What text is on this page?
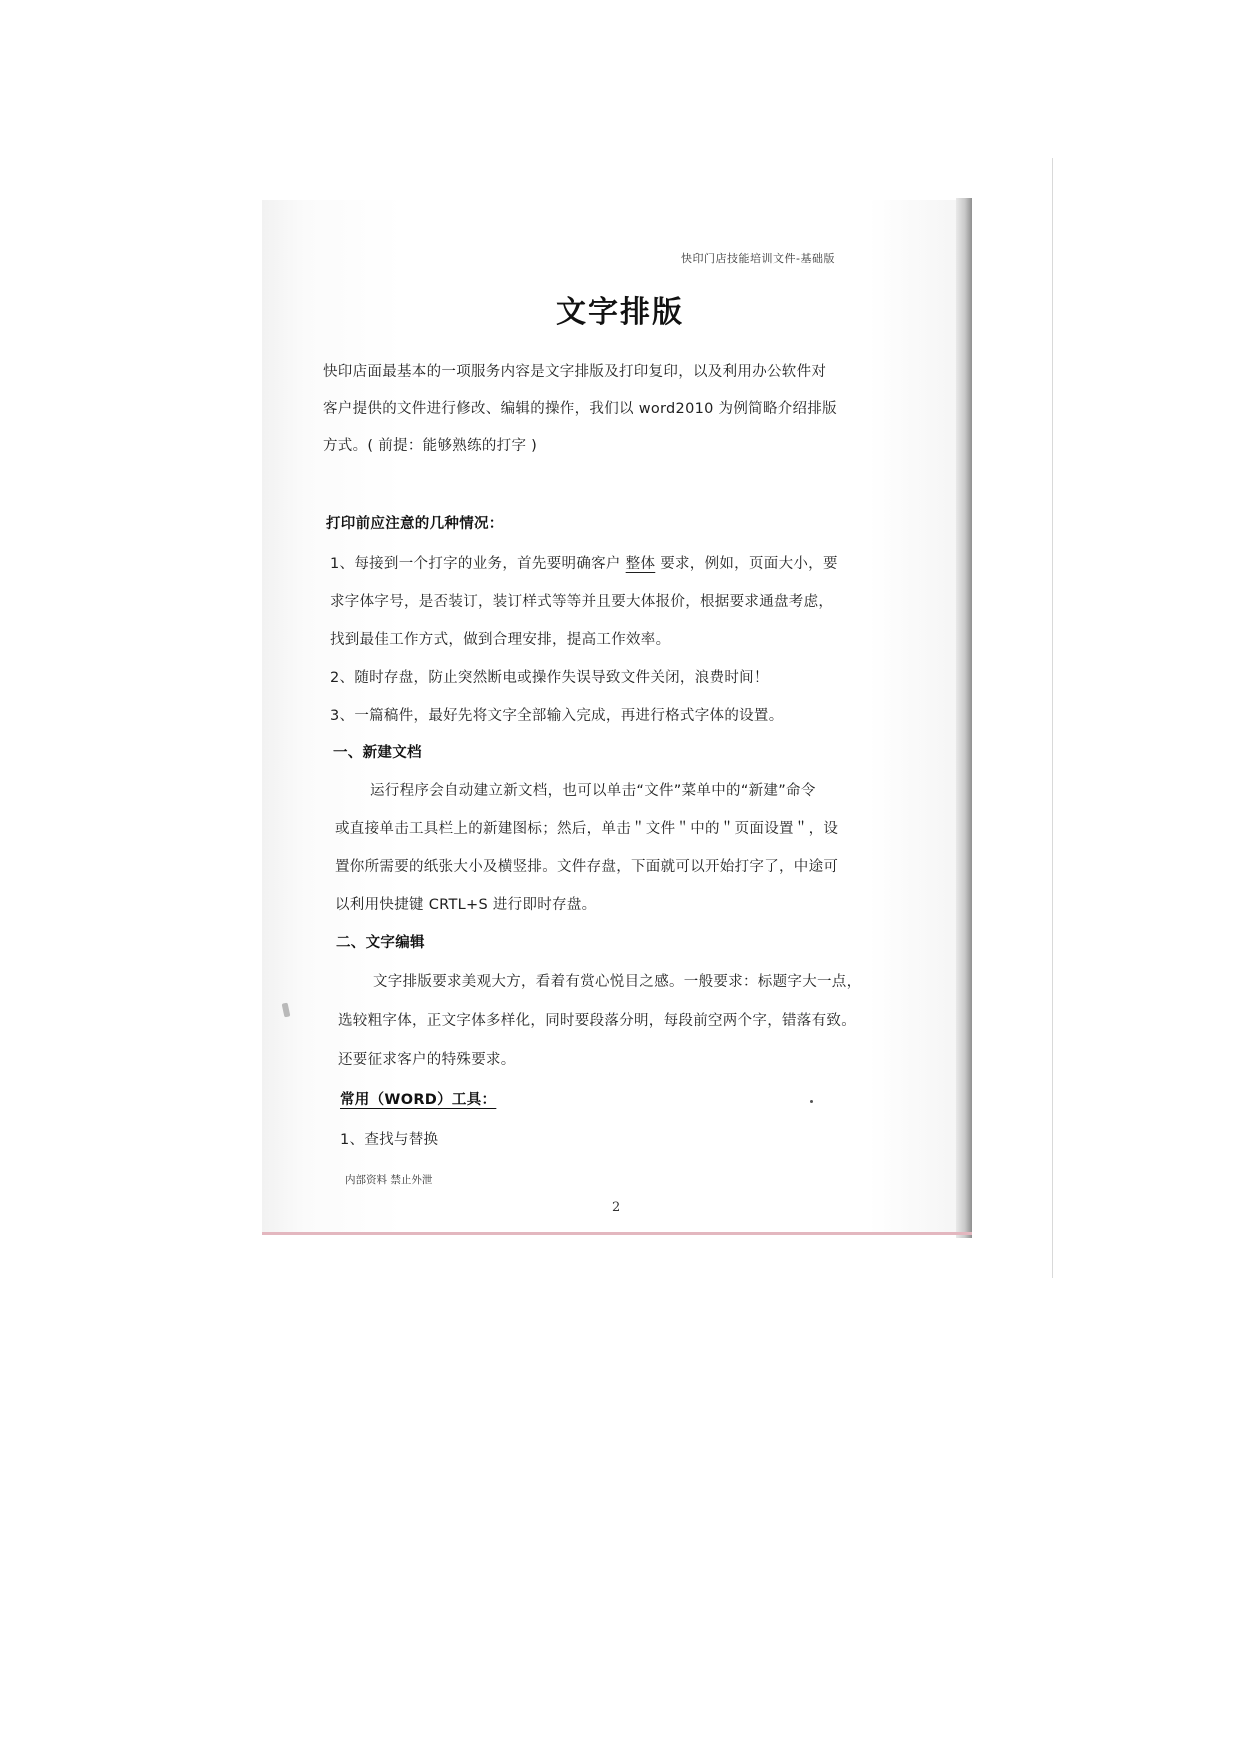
快印门店技能培训文件-基础版
文字排版
快印店面最基本的一项服务内容是文字排版及打印复印，以及利用办公软件对
客户提供的文件进行修改、编辑的操作，我们以 word2010 为例简略介绍排版
方式。( 前提：能够熟练的打字 )
打印前应注意的几种情况：
1、每接到一个打字的业务，首先要明确客户 整体 要求，例如，页面大小，要
求字体字号，是否装订，装订样式等等并且要大体报价，根据要求通盘考虑，
找到最佳工作方式，做到合理安排，提高工作效率。
2、随时存盘，防止突然断电或操作失误导致文件关闭，浪费时间！
3、一篇稿件，最好先将文字全部输入完成，再进行格式字体的设置。
一、新建文档
运行程序会自动建立新文档，也可以单击“文件”菜单中的“新建”命令
或直接单击工具栏上的新建图标；然后，单击＂文件＂中的＂页面设置＂，设
置你所需要的纸张大小及横竖排。文件存盘，下面就可以开始打字了，中途可
以利用快捷键 CRTL+S 进行即时存盘。
二、文字编辑
文字排版要求美观大方，看着有赏心悦目之感。一般要求：标题字大一点，
选较粗字体，正文字体多样化，同时要段落分明，每段前空两个字，错落有致。
还要征求客户的特殊要求。
常用（WORD）工具：
1、查找与替换
内部资料 禁止外泄
2
